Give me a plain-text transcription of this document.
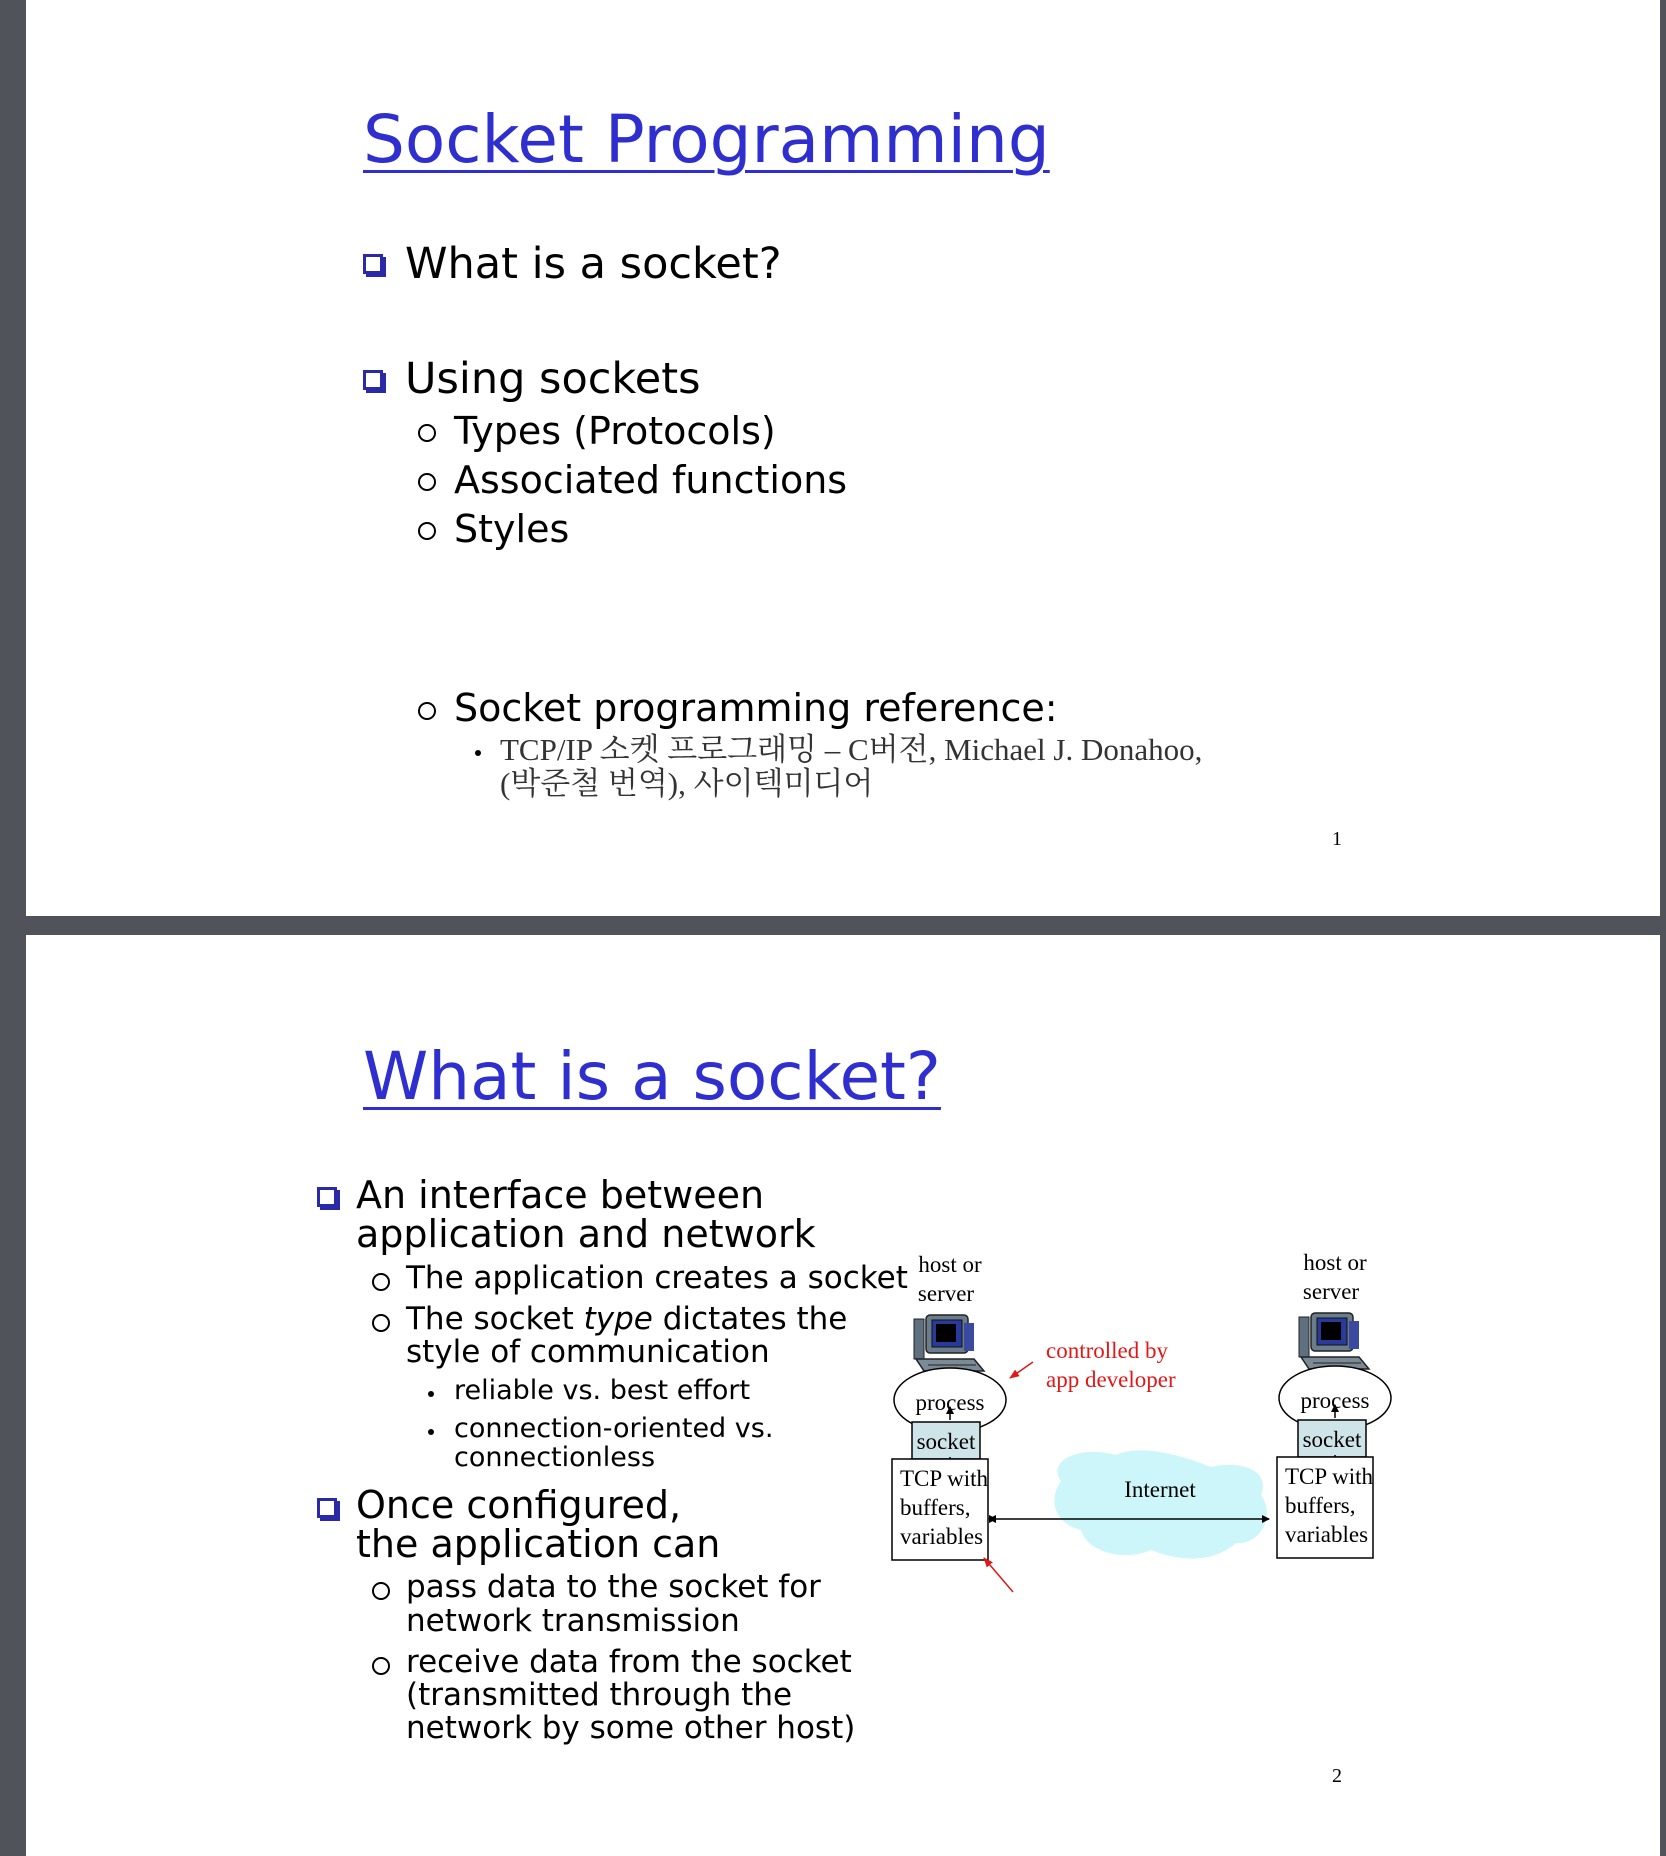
Socket Programming
What is a socket?
Using sockets
Types (Protocols)
Associated functions
Styles
Socket programming reference:
TCP/IP 소켓 프로그래밍 – C버전, Michael J. Donahoo,
(박준철 번역), 사이텍미디어
1
What is a socket?
An interface between
application and network
The application creates a socket
The socket type dictates the
style of communication
reliable vs. best effort
connection-oriented vs.
connectionless
Once configured,
the application can
pass data to the socket for
network transmission
receive data from the socket
(transmitted through the
network by some other host)
Internet
host or
server
process
socket
TCP with
buffers,
variables
host or
server
process
socket
TCP with
buffers,
variables
controlled by
app developer
2
